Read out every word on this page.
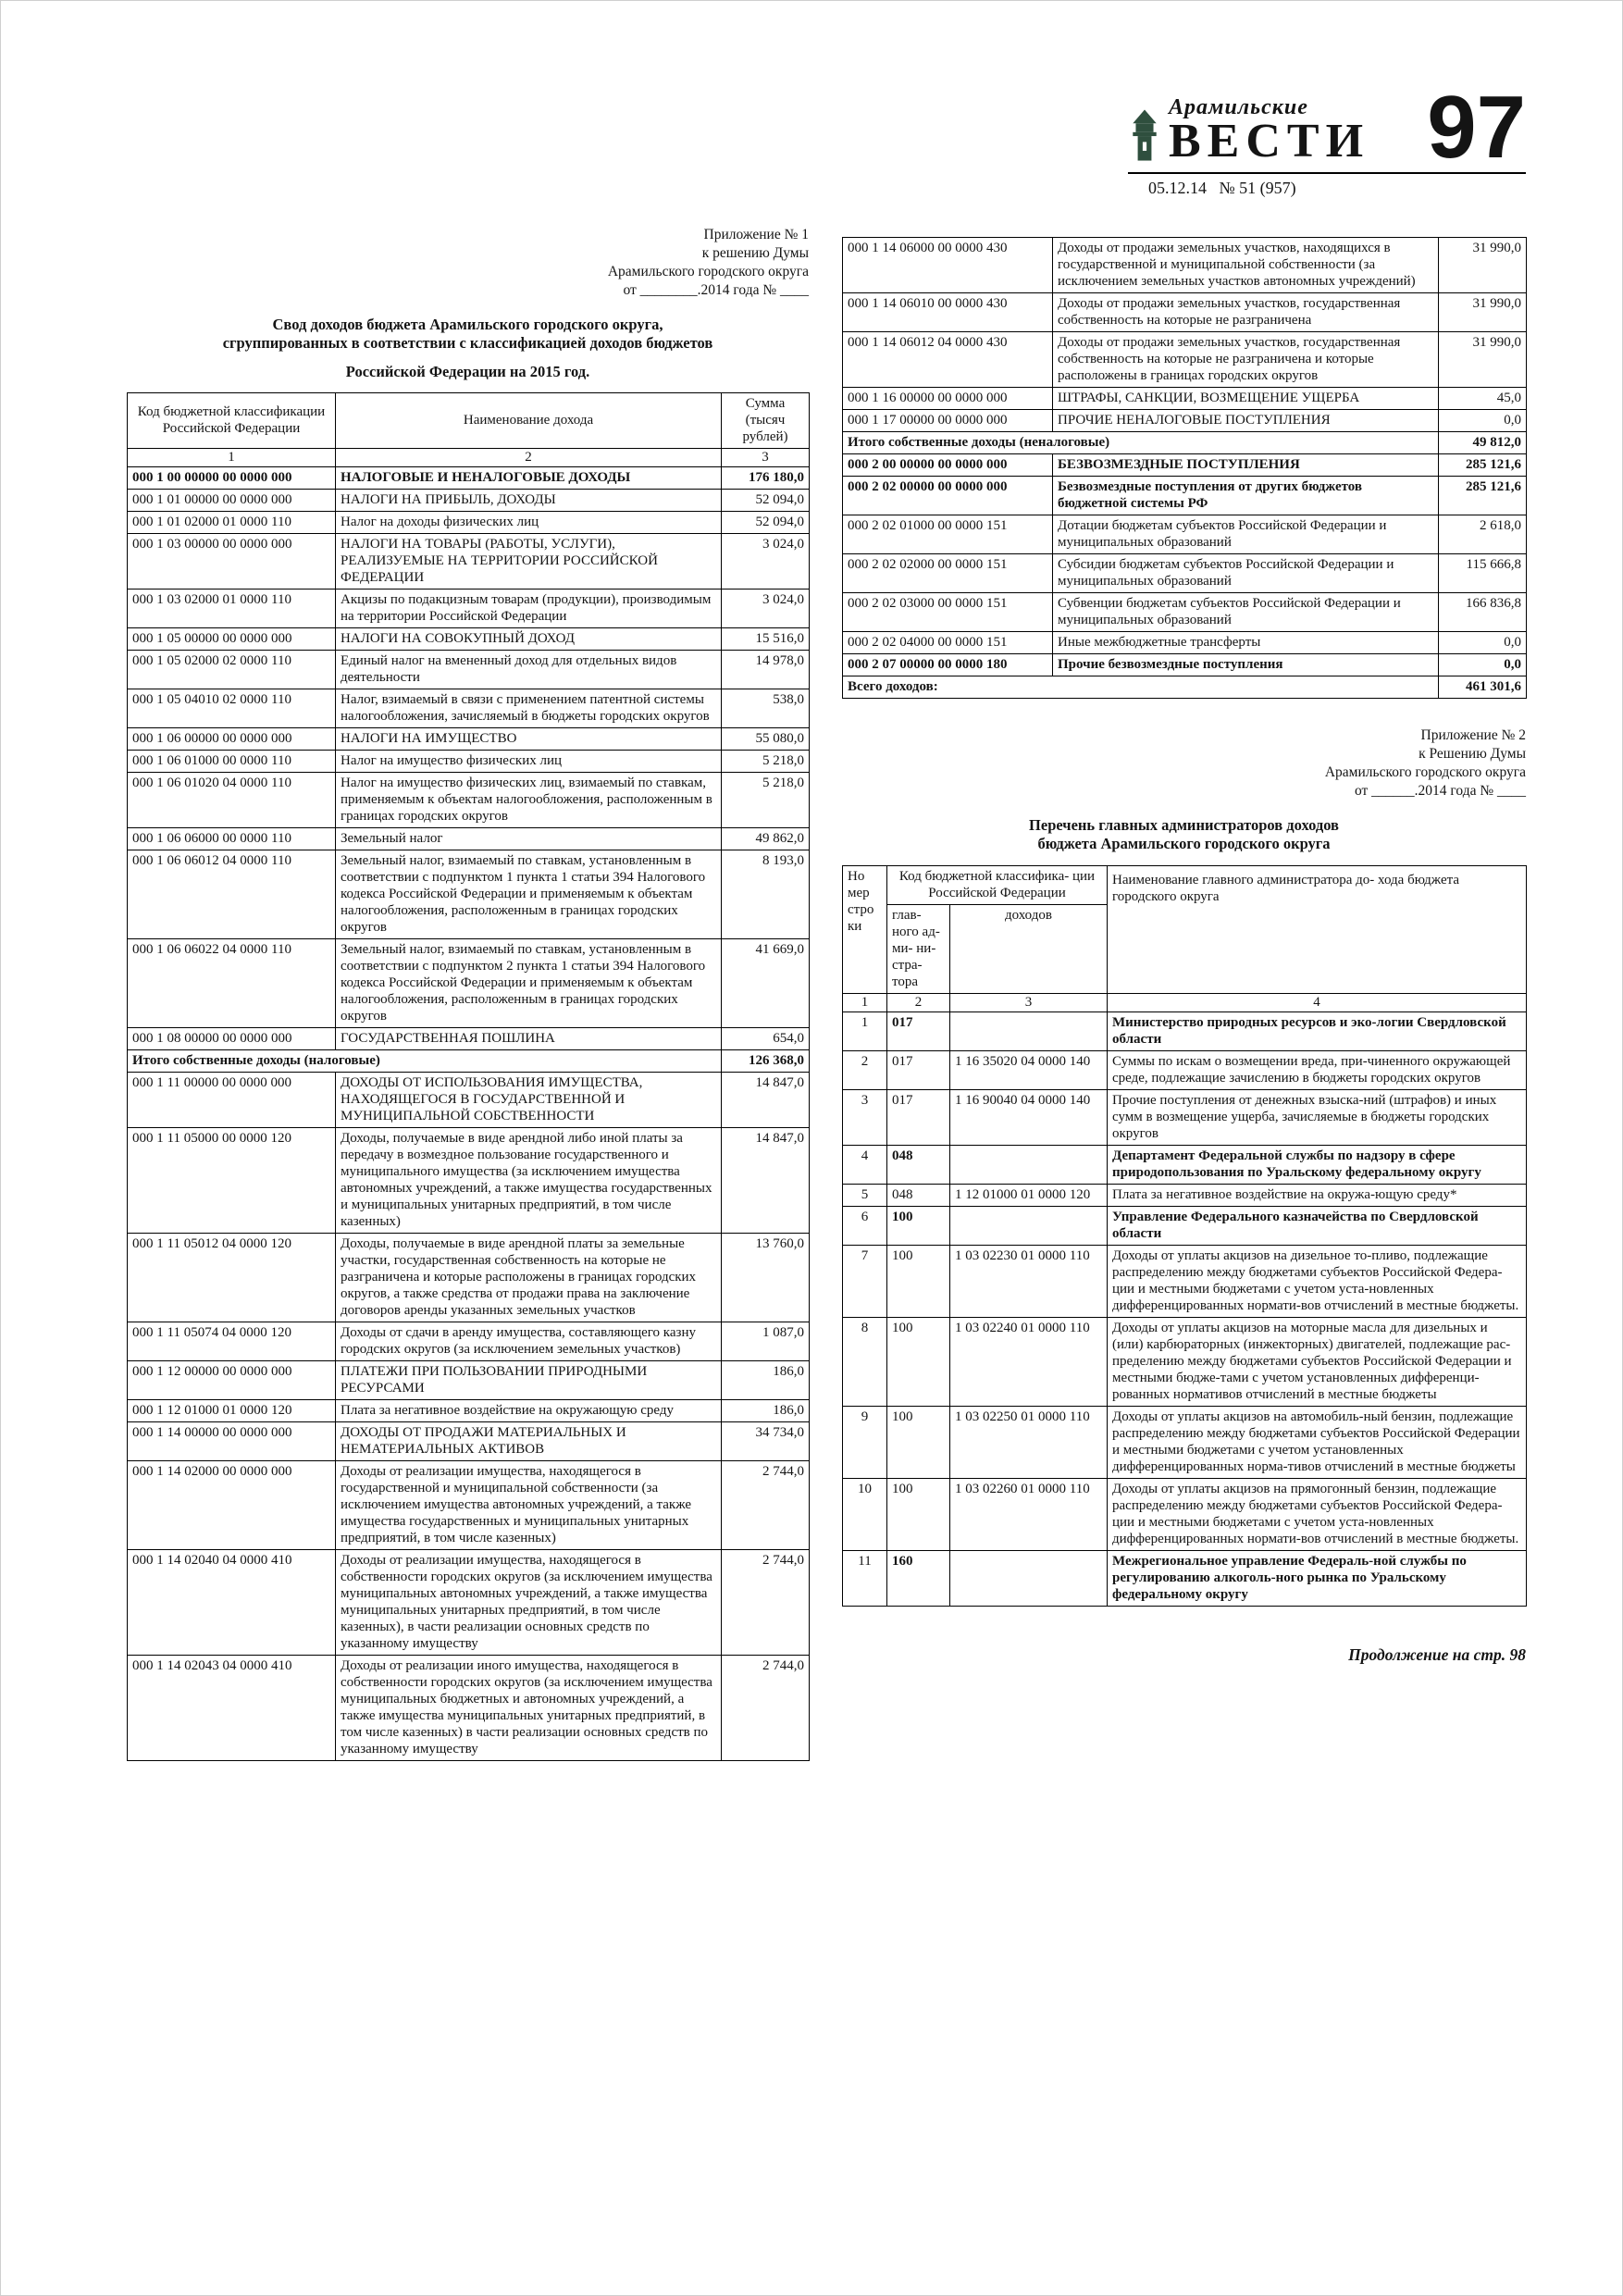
Арамильские
ВЕСТИ 97
05.12.14   № 51 (957)
Приложение № 1
к решению Думы
Арамильского городского округа
от ________.2014 года № ____
Свод доходов бюджета Арамильского городского округа,
сгруппированных в соответствии с классификацией доходов бюджетов
Российской Федерации на 2015 год.
Код бюджетной классификации Российской Федерации	Наименование дохода	Сумма (тысяч рублей)
1	2	3
000 1 00 00000 00 0000 000	НАЛОГОВЫЕ И НЕНАЛОГОВЫЕ ДОХОДЫ	176 180,0
000 1 01 00000 00 0000 000	НАЛОГИ НА ПРИБЫЛЬ, ДОХОДЫ	52 094,0
000 1 01 02000 01 0000 110	Налог на доходы физических лиц	52 094,0
000 1 03 00000 00 0000 000	НАЛОГИ НА ТОВАРЫ (РАБОТЫ, УСЛУГИ), РЕАЛИЗУЕМЫЕ НА ТЕРРИТОРИИ РОССИЙСКОЙ ФЕДЕРАЦИИ	3 024,0
000 1 03 02000 01 0000 110	Акцизы по подакцизным товарам (продукции), производимым на территории Российской Федерации	3 024,0
000 1 05 00000 00 0000 000	НАЛОГИ НА СОВОКУПНЫЙ ДОХОД	15 516,0
000 1 05 02000 02 0000 110	Единый налог на вмененный доход для отдельных видов деятельности	14 978,0
000 1 05 04010 02 0000 110	Налог, взимаемый в связи с применением патентной системы налогообложения, зачисляемый в бюджеты городских округов	538,0
000 1 06 00000 00 0000 000	НАЛОГИ НА ИМУЩЕСТВО	55 080,0
000 1 06 01000 00 0000 110	Налог на имущество физических лиц	5 218,0
000 1 06 01020 04 0000 110	Налог на имущество физических лиц, взимаемый по ставкам, применяемым к объектам налогообложения, расположенным в границах городских округов	5 218,0
000 1 06 06000 00 0000 110	Земельный налог	49 862,0
000 1 06 06012 04 0000 110	Земельный налог, взимаемый по ставкам, установленным в соответствии с подпунктом 1 пункта 1 статьи 394 Налогового кодекса Российской Федерации и применяемым к объектам налогообложения, расположенным в границах городских округов	8 193,0
000 1 06 06022 04 0000 110	Земельный налог, взимаемый по ставкам, установленным в соответствии с подпунктом 2 пункта 1 статьи 394 Налогового кодекса Российской Федерации и применяемым к объектам налогообложения, расположенным в границах городских округов	41 669,0
000 1 08 00000 00 0000 000	ГОСУДАРСТВЕННАЯ ПОШЛИНА	654,0
Итого собственные доходы (налоговые)		126 368,0
000 1 11 00000 00 0000 000	ДОХОДЫ ОТ ИСПОЛЬЗОВАНИЯ ИМУЩЕСТВА, НАХОДЯЩЕГОСЯ В ГОСУДАРСТВЕННОЙ И МУНИЦИПАЛЬНОЙ СОБСТВЕННОСТИ	14 847,0
000 1 11 05000 00 0000 120	Доходы, получаемые в виде арендной либо иной платы за передачу в возмездное пользование государственного и муниципального имущества (за исключением имущества автономных учреждений, а также имущества государственных и муниципальных унитарных предприятий, в том числе казенных)	14 847,0
000 1 11 05012 04 0000 120	Доходы, получаемые в виде арендной платы за земельные участки, государственная собственность на которые не разграничена и которые расположены в границах городских округов, а также средства от продажи права на заключение договоров аренды указанных земельных участков	13 760,0
000 1 11 05074 04 0000 120	Доходы от сдачи в аренду имущества, составляющего казну городских округов (за исключением земельных участков)	1 087,0
000 1 12 00000 00 0000 000	ПЛАТЕЖИ ПРИ ПОЛЬЗОВАНИИ ПРИРОДНЫМИ РЕСУРСАМИ	186,0
000 1 12 01000 01 0000 120	Плата за негативное воздействие на окружающую среду	186,0
000 1 14 00000 00 0000 000	ДОХОДЫ ОТ ПРОДАЖИ МАТЕРИАЛЬНЫХ И НЕМАТЕРИАЛЬНЫХ АКТИВОВ	34 734,0
000 1 14 02000 00 0000 000	Доходы от реализации имущества, находящегося в государственной и муниципальной собственности (за исключением имущества автономных учреждений, а также имущества государственных и муниципальных унитарных предприятий, в том числе казенных)	2 744,0
000 1 14 02040 04 0000 410	Доходы от реализации имущества, находящегося в собственности городских округов (за исключением имущества муниципальных автономных учреждений, а также имущества муниципальных унитарных предприятий, в том числе казенных), в части реализации основных средств по указанному имуществу	2 744,0
000 1 14 02043 04 0000 410	Доходы от реализации иного имущества, находящегося в собственности городских округов (за исключением имущества муниципальных бюджетных и автономных учреждений, а также имущества муниципальных унитарных предприятий, в том числе казенных) в части реализации основных средств по указанному имуществу	2 744,0
000 1 14 06000 00 0000 430	Доходы от продажи земельных участков, находящихся в государственной и муниципальной собственности (за исключением земельных участков автономных учреждений)	31 990,0
000 1 14 06010 00 0000 430	Доходы от продажи земельных участков, государственная собственность на которые не разграничена	31 990,0
000 1 14 06012 04 0000 430	Доходы от продажи земельных участков, государственная собственность на которые не разграничена и которые расположены в границах городских округов	31 990,0
000 1 16 00000 00 0000 000	ШТРАФЫ, САНКЦИИ, ВОЗМЕЩЕНИЕ УЩЕРБА	45,0
000 1 17 00000 00 0000 000	ПРОЧИЕ НЕНАЛОГОВЫЕ ПОСТУПЛЕНИЯ	0,0
Итого собственные доходы (неналоговые)		49 812,0
000 2 00 00000 00 0000 000	БЕЗВОЗМЕЗДНЫЕ ПОСТУПЛЕНИЯ	285 121,6
000 2 02 00000 00 0000 000	Безвозмездные поступления от других бюджетов бюджетной системы РФ	285 121,6
000 2 02 01000 00 0000 151	Дотации бюджетам субъектов Российской Федерации и муниципальных образований	2 618,0
000 2 02 02000 00 0000 151	Субсидии бюджетам субъектов Российской Федерации и муниципальных образований	115 666,8
000 2 02 03000 00 0000 151	Субвенции бюджетам субъектов Российской Федерации и муниципальных образований	166 836,8
000 2 02 04000 00 0000 151	Иные межбюджетные трансферты	0,0
000 2 07 00000 00 0000 180	Прочие безвозмездные поступления	0,0
Всего доходов:		461 301,6
Приложение № 2
к Решению Думы
Арамильского городского округа
от ______.2014 года № ____
Перечень главных администраторов доходов
бюджета Арамильского городского округа
Но мер стро ки	Код бюджетной классифика- ции Российской Федерации		Наименование главного администратора до- хода бюджета городского округа
	глав- ного ад- ми- ни- стра- тора	доходов	
1	2	3	4
1	017		Министерство природных ресурсов и эко-логии Свердловской области
2	017	1 16 35020 04 0000 140	Суммы по искам о возмещении вреда, при-чиненного окружающей среде, подлежащие зачислению в бюджеты городских округов
3	017	1 16 90040 04 0000 140	Прочие поступления от денежных взыска-ний (штрафов) и иных сумм в возмещение ущерба, зачисляемые в бюджеты городских округов
4	048		Департамент Федеральной службы по надзору в сфере природопользования по Уральскому федеральному округу
5	048	1 12 01000 01 0000 120	Плата за негативное воздействие на окружа-ющую среду*
6	100		Управление Федерального казначейства по Свердловской области
7	100	1 03 02230 01 0000 110	Доходы от уплаты акцизов на дизельное то-пливо, подлежащие распределению между бюджетами субъектов Российской Федера-ции и местными бюджетами с учетом уста-новленных дифференцированных нормати-вов отчислений в местные бюджеты.
8	100	1 03 02240 01 0000 110	Доходы от уплаты акцизов на моторные масла для дизельных и (или) карбюраторных (инжекторных) двигателей, подлежащие рас-пределению между бюджетами субъектов Российской Федерации и местными бюдже-тами с учетом установленных дифференци-рованных нормативов отчислений в местные бюджеты
9	100	1 03 02250 01 0000 110	Доходы от уплаты акцизов на автомобиль-ный бензин, подлежащие распределению между бюджетами субъектов Российской Федерации и местными бюджетами с учетом установленных дифференцированных норма-тивов отчислений в местные бюджеты
10	100	1 03 02260 01 0000 110	Доходы от уплаты акцизов на прямогонный бензин, подлежащие распределению между бюджетами субъектов Российской Федера-ции и местными бюджетами с учетом уста-новленных дифференцированных нормати-вов отчислений в местные бюджеты.
11	160		Межрегиональное управление Федераль-ной службы по регулированию алкоголь-ного рынка по Уральскому федеральному округу
Продолжение на стр. 98
